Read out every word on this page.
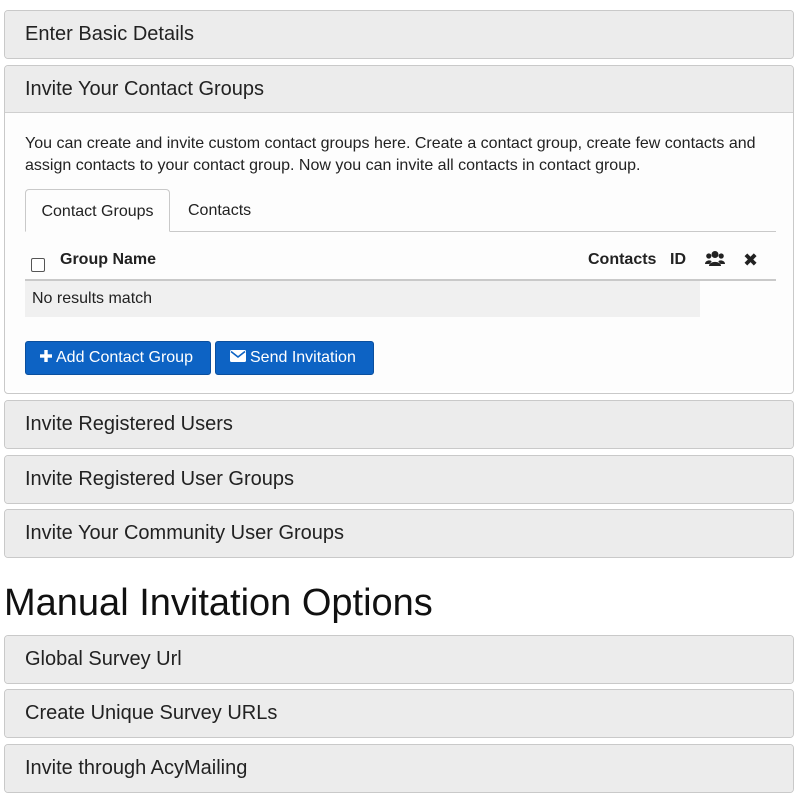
Enter Basic Details
Invite Your Contact Groups
You can create and invite custom contact groups here. Create a contact group, create few contacts and assign contacts to your contact group. Now you can invite all contacts in contact group.
Contact Groups	Contacts
Group Name	Contacts ID	✖
No results match
Add Contact Group	Send Invitation
Invite Registered Users
Invite Registered User Groups
Invite Your Community User Groups
Manual Invitation Options
Global Survey Url
Create Unique Survey URLs
Invite through AcyMailing
